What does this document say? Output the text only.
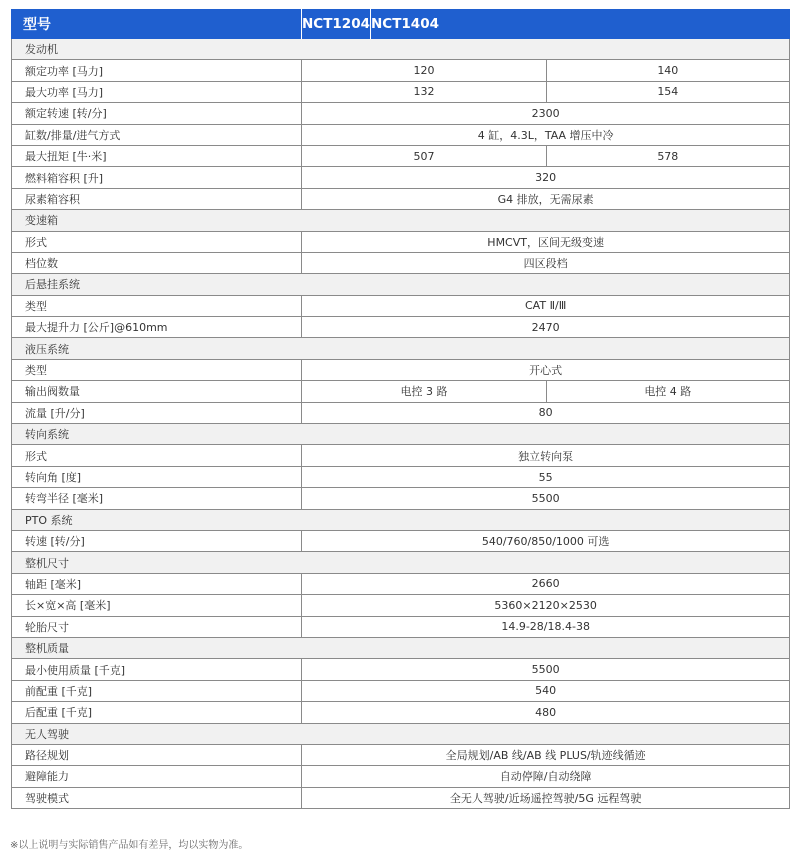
型号	NCT1204 NCT1404
发动机
额定功率 [马力]	120	140
最大功率 [马力]	132	154
额定转速 [转/分]	2300
缸数/排量/进气方式	4 缸，4.3L，TAA 增压中冷
最大扭矩 [牛·米]	507	578
燃料箱容积 [升]	320
尿素箱容积	G4 排放，无需尿素
变速箱
形式	HMCVT，区间无级变速
档位数	四区段档
后悬挂系统
类型	CAT Ⅱ/Ⅲ
最大提升力 [公斤]@610mm	2470
液压系统
类型	开心式
输出阀数量	电控 3 路	电控 4 路
流量 [升/分]	80
转向系统
形式	独立转向泵
转向角 [度]	55
转弯半径 [毫米]	5500
PTO 系统
转速 [转/分]	540/760/850/1000 可选
整机尺寸
轴距 [毫米]	2660
长×宽×高 [毫米]	5360×2120×2530
轮胎尺寸	14.9-28/18.4-38
整机质量
最小使用质量 [千克]	5500
前配重 [千克]	540
后配重 [千克]	480
无人驾驶
路径规划	全局规划/AB 线/AB 线 PLUS/轨迹线循迹
避障能力	自动停障/自动绕障
驾驶模式	全无人驾驶/近场遥控驾驶/5G 远程驾驶
※以上说明与实际销售产品如有差异，均以实物为准。
